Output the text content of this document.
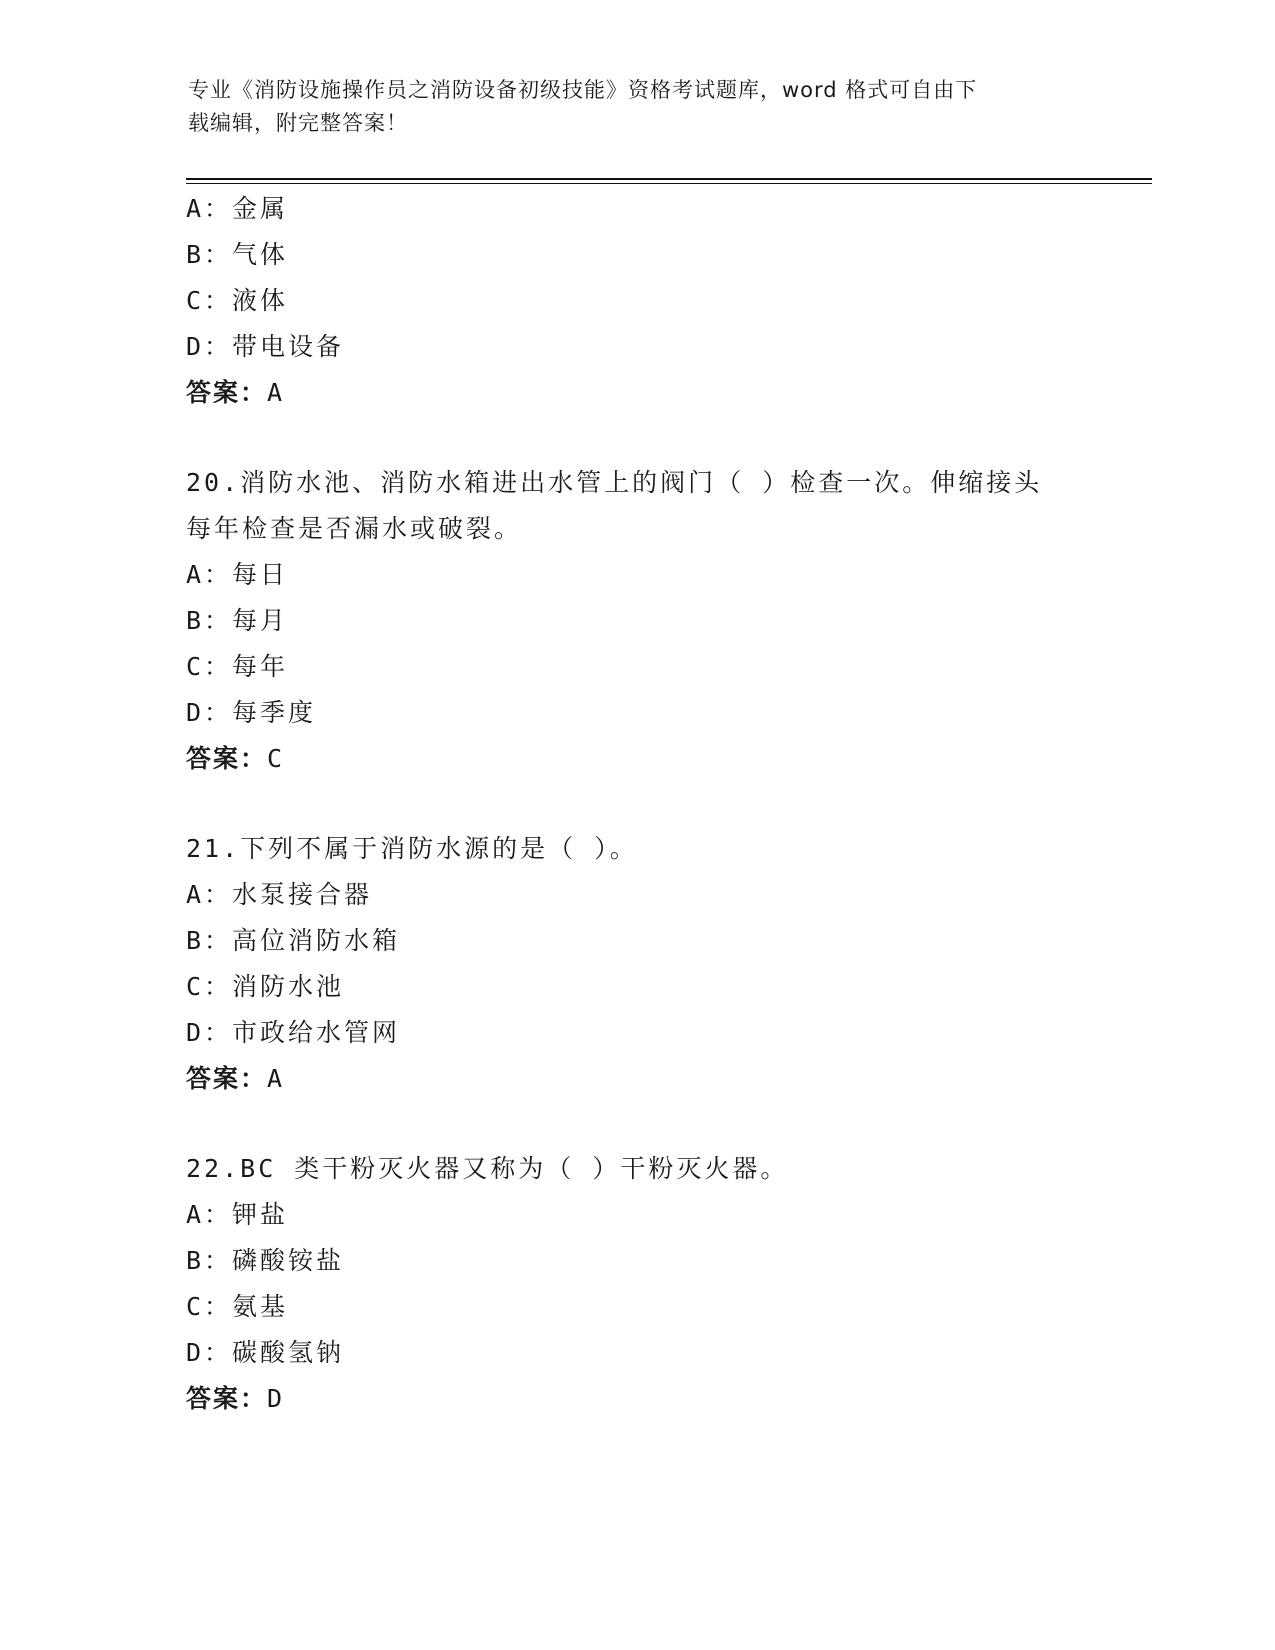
专业《消防设施操作员之消防设备初级技能》资格考试题库，word 格式可自由下
载编辑，附完整答案！
A：金属
B：气体
C：液体
D：带电设备
答案：A
20.消防水池、消防水箱进出水管上的阀门（ ）检查一次。伸缩接头
每年检查是否漏水或破裂。
A：每日
B：每月
C：每年
D：每季度
答案：C
21.下列不属于消防水源的是（ ）。
A：水泵接合器
B：高位消防水箱
C：消防水池
D：市政给水管网
答案：A
22.BC 类干粉灭火器又称为（ ）干粉灭火器。
A：钾盐
B：磷酸铵盐
C：氨基
D：碳酸氢钠
答案：D
